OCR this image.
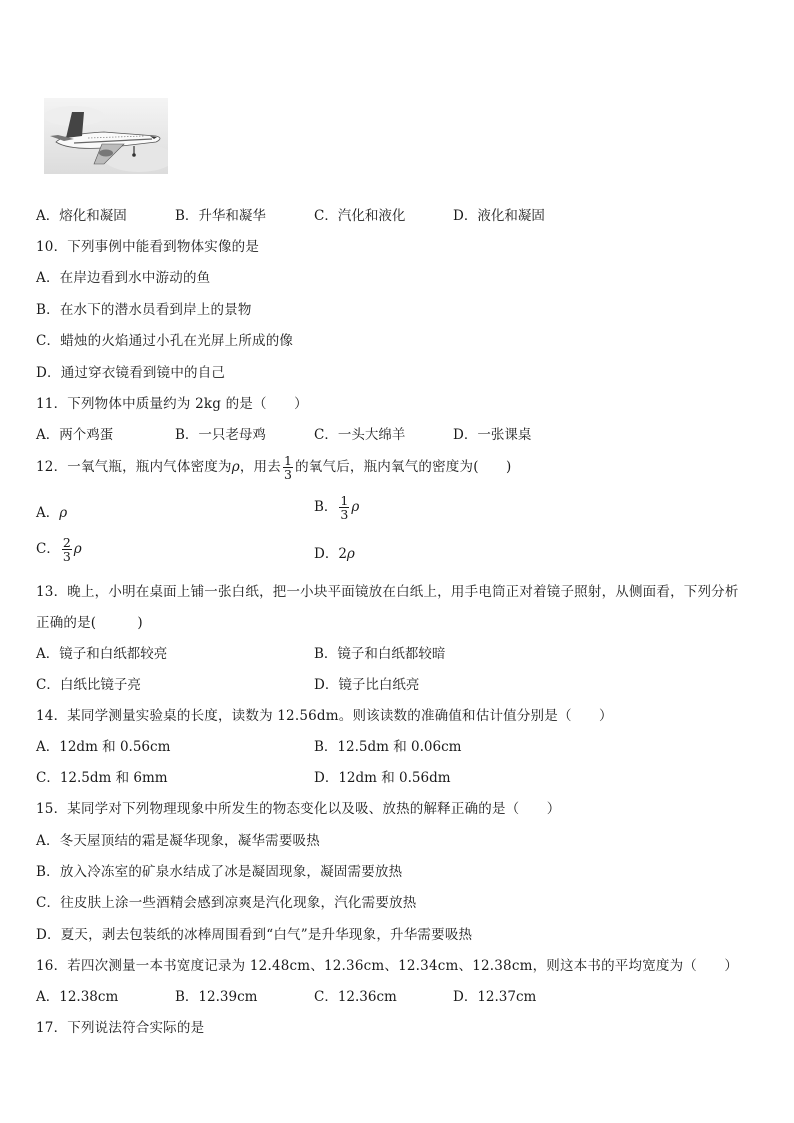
A．熔化和凝固	B．升华和凝华	C．汽化和液化	D．液化和凝固
10．下列事例中能看到物体实像的是
A．在岸边看到水中游动的鱼
B．在水下的潜水员看到岸上的景物
C．蜡烛的火焰通过小孔在光屏上所成的像
D．通过穿衣镜看到镜中的自己
11．下列物体中质量约为 2kg 的是（　　）
A．两个鸡蛋	B．一只老母鸡	C．一头大绵羊	D．一张课桌
12．一氧气瓶，瓶内气体密度为ρ，用去 $\frac{1}{3}$ 的氧气后，瓶内氧气的密度为(　　)
A．ρ	B． $\frac{1}{3}$ ρ
C． $\frac{2}{3}$ ρ	D．2ρ
13．晚上，小明在桌面上铺一张白纸，把一小块平面镜放在白纸上，用手电筒正对着镜子照射，从侧面看，下列分析
正确的是(　　　)
A．镜子和白纸都较亮	B．镜子和白纸都较暗
C．白纸比镜子亮	D．镜子比白纸亮
14．某同学测量实验桌的长度，读数为 12.56dm。则该读数的准确值和估计值分别是（　　）
A．12dm 和 0.56cm	B．12.5dm 和 0.06cm
C．12.5dm 和 6mm	D．12dm 和 0.56dm
15．某同学对下列物理现象中所发生的物态变化以及吸、放热的解释正确的是（　　）
A．冬天屋顶结的霜是凝华现象，凝华需要吸热
B．放入冷冻室的矿泉水结成了冰是凝固现象，凝固需要放热
C．往皮肤上涂一些酒精会感到凉爽是汽化现象，汽化需要放热
D．夏天，剥去包装纸的冰棒周围看到“白气”是升华现象，升华需要吸热
16．若四次测量一本书宽度记录为 12.48cm、12.36cm、12.34cm、12.38cm，则这本书的平均宽度为（　　）
A．12.38cm	B．12.39cm	C．12.36cm	D．12.37cm
17．下列说法符合实际的是
